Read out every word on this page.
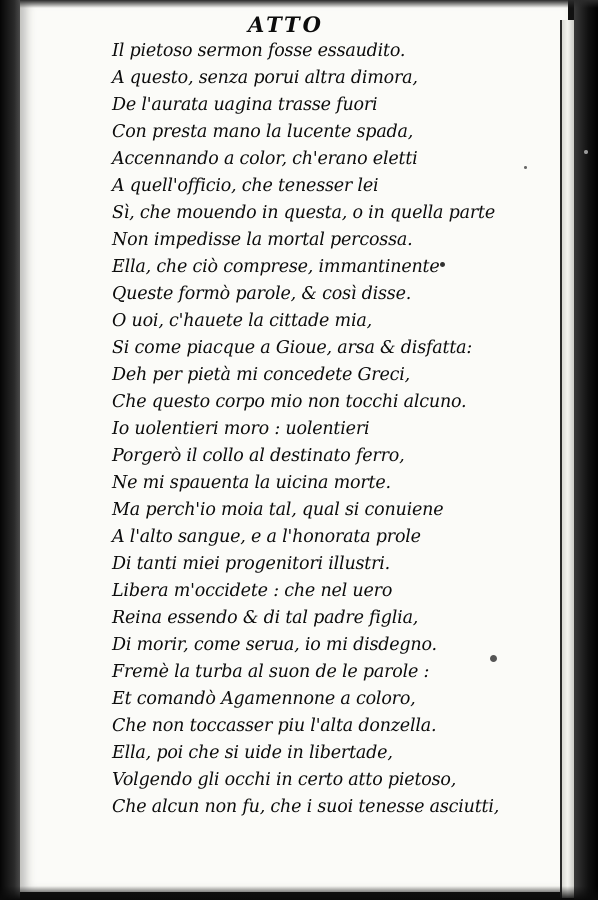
ATTO
Il pietoso sermon fosse essaudito.
A questo, senza porui altra dimora,
De l'aurata uagina trasse fuori
Con presta mano la lucente spada,
Accennando a color, ch'erano eletti
A quell'officio, che tenesser lei
Sì, che mouendo in questa, o in quella parte
Non impedisse la mortal percossa.
Ella, che ciò comprese, immantinente
Queste formò parole, & così disse.
O uoi, c'hauete la cittade mia,
Si come piacque a Gioue, arsa & disfatta:
Deh per pietà mi concedete Greci,
Che questo corpo mio non tocchi alcuno.
Io uolentieri moro : uolentieri
Porgerò il collo al destinato ferro,
Ne mi spauenta la uicina morte.
Ma perch'io moia tal, qual si conuiene
A l'alto sangue, e a l'honorata prole
Di tanti miei progenitori illustri.
Libera m'occidete : che nel uero
Reina essendo & di tal padre figlia,
Di morir, come serua, io mi disdegno.
Fremè la turba al suon de le parole :
Et comandò Agamennone a coloro,
Che non toccasser piu l'alta donzella.
Ella, poi che si uide in libertade,
Volgendo gli occhi in certo atto pietoso,
Che alcun non fu, che i suoi tenesse asciutti,
